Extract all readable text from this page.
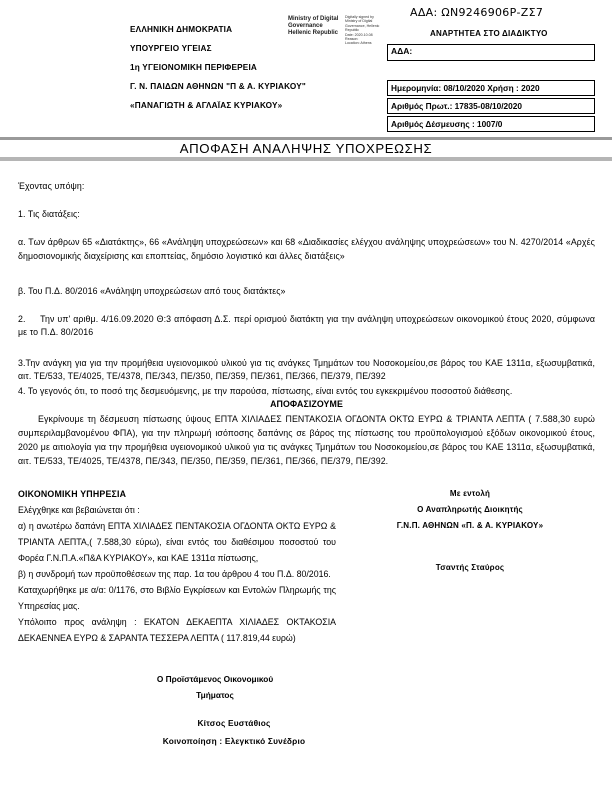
ΑΔΑ: ΩΝ9246906Ρ-ΖΣ7
ΕΛΛΗΝΙΚΗ ΔΗΜΟΚΡΑΤΙΑ
ΥΠΟΥΡΓΕΙΟ ΥΓΕΙΑΣ
1η ΥΓΕΙΟΝΟΜΙΚΗ ΠΕΡΙΦΕΡΕΙΑ
Γ. Ν. ΠΑΙΔΩΝ ΑΘΗΝΩΝ "Π & Α. ΚΥΡΙΑΚΟΥ"
«ΠΑΝΑΓΙΩΤΗ & ΑΓΛΑΪΑΣ ΚΥΡΙΑΚΟΥ»
Ministry of Digital
Governance
Hellenic Republic
Digitally signed by
Ministry of Digital
Governance, Hellenic
Republic
Date: 2020.10.08
Reason:
Location: Athens
ΑΝΑΡΤΗΤΕΑ ΣΤΟ ΔΙΑΔΙΚΤΥΟ
ΑΔΑ:
Ημερομηνία: 08/10/2020 Χρήση : 2020
Αριθμός Πρωτ.: 17835-08/10/2020
Αριθμός Δέσμευσης : 1007/0
ΑΠΟΦΑΣΗ ΑΝΑΛΗΨΗΣ ΥΠΟΧΡΕΩΣΗΣ

Έχοντας υπόψη:

1. Τις διατάξεις:

α. Των άρθρων 65 «Διατάκτης», 66 «Ανάληψη υποχρεώσεων» και 68 «Διαδικασίες ελέγχου ανάληψης υποχρεώσεων» του Ν. 4270/2014 «Αρχές δημοσιονομικής διαχείρισης και εποπτείας, δημόσιο λογιστικό και άλλες διατάξεις»

β. Του Π.Δ. 80/2016 «Ανάληψη υποχρεώσεων από τους διατάκτες»

2.     Την υπ' αριθμ. 4/16.09.2020 Θ:3 απόφαση Δ.Σ. περί ορισμού διατάκτη για την ανάληψη υποχρεώσεων οικονομικού έτους 2020, σύμφωνα με το Π.Δ. 80/2016

3.Την ανάγκη για για την προμήθεια υγειονομικού υλικού για τις ανάγκες Τμημάτων του Νοσοκομείου,σε βάρος του ΚΑΕ 1311α, εξωσυμβατικά, αιτ. ΤΕ/533, ΤΕ/4025, ΤΕ/4378, ΠΕ/343, ΠΕ/350, ΠΕ/359, ΠΕ/361, ΠΕ/366, ΠΕ/379, ΠΕ/392

4. Το γεγονός ότι, το ποσό της δεσμευόμενης, με την παρούσα, πίστωσης, είναι εντός του εγκεκριμένου ποσοστού διάθεσης.

ΑΠΟΦΑΣΙΖΟΥΜΕ

Εγκρίνουμε τη δέσμευση πίστωσης ύψους ΕΠΤΑ ΧΙΛΙΑΔΕΣ ΠΕΝΤΑΚΟΣΙΑ ΟΓΔΟΝΤΑ ΟΚΤΩ ΕΥΡΩ & ΤΡΙΑΝΤΑ ΛΕΠΤΑ ( 7.588,30 ευρώ συμπεριλαμβανομένου ΦΠΑ), για την πληρωμή ισόποσης δαπάνης σε βάρος της πίστωσης του προϋπολογισμού εξόδων οικονομικού έτους, 2020 με αιτιολογία για την προμήθεια υγειονομικού υλικού για τις ανάγκες Τμημάτων του Νοσοκομείου,σε βάρος του ΚΑΕ 1311α, εξωσυμβατικά, αιτ. ΤΕ/533, ΤΕ/4025, ΤΕ/4378, ΠΕ/343, ΠΕ/350, ΠΕ/359, ΠΕ/361, ΠΕ/366, ΠΕ/379, ΠΕ/392.

ΟΙΚΟΝΟΜΙΚΗ ΥΠΗΡΕΣΙΑ

Ελέγχθηκε και βεβαιώνεται ότι :

α) η ανωτέρω δαπάνη ΕΠΤΑ ΧΙΛΙΑΔΕΣ ΠΕΝΤΑΚΟΣΙΑ ΟΓΔΟΝΤΑ ΟΚΤΩ ΕΥΡΩ & ΤΡΙΑΝΤΑ ΛΕΠΤΑ,( 7.588,30 εύρω), είναι εντός του διαθέσιμου ποσοστού του Φορέα Γ.Ν.Π.Α.«Π&Α ΚΥΡΙΑΚΟΥ», και ΚΑΕ 1311α πίστωσης,

β) η συνδρομή των προϋποθέσεων της παρ. 1α του άρθρου 4 του Π.Δ. 80/2016.

Καταχωρήθηκε με α/α: 0/1176, στο Βιβλίο Εγκρίσεων και Εντολών Πληρωμής της Υπηρεσίας μας.

Υπόλοιπο προς ανάληψη : ΕΚΑΤΟΝ ΔΕΚΑΕΠΤΑ ΧΙΛΙΑΔΕΣ ΟΚΤΑΚΟΣΙΑ ΔΕΚΑΕΝΝΕΑ ΕΥΡΩ & ΣΑΡΑΝΤΑ ΤΕΣΣΕΡΑ ΛΕΠΤΑ ( 117.819,44 ευρώ)

Ο Προϊστάμενος Οικονομικού
Τμήματος
Με εντολή
Ο Αναπληρωτής Διοικητής
Γ.Ν.Π. ΑΘΗΝΩΝ «Π. & Α. ΚΥΡΙΑΚΟΥ»
Τσαντής Σταύρος
Κίτσος Ευστάθιος
Κοινοποίηση : Ελεγκτικό Συνέδριο
